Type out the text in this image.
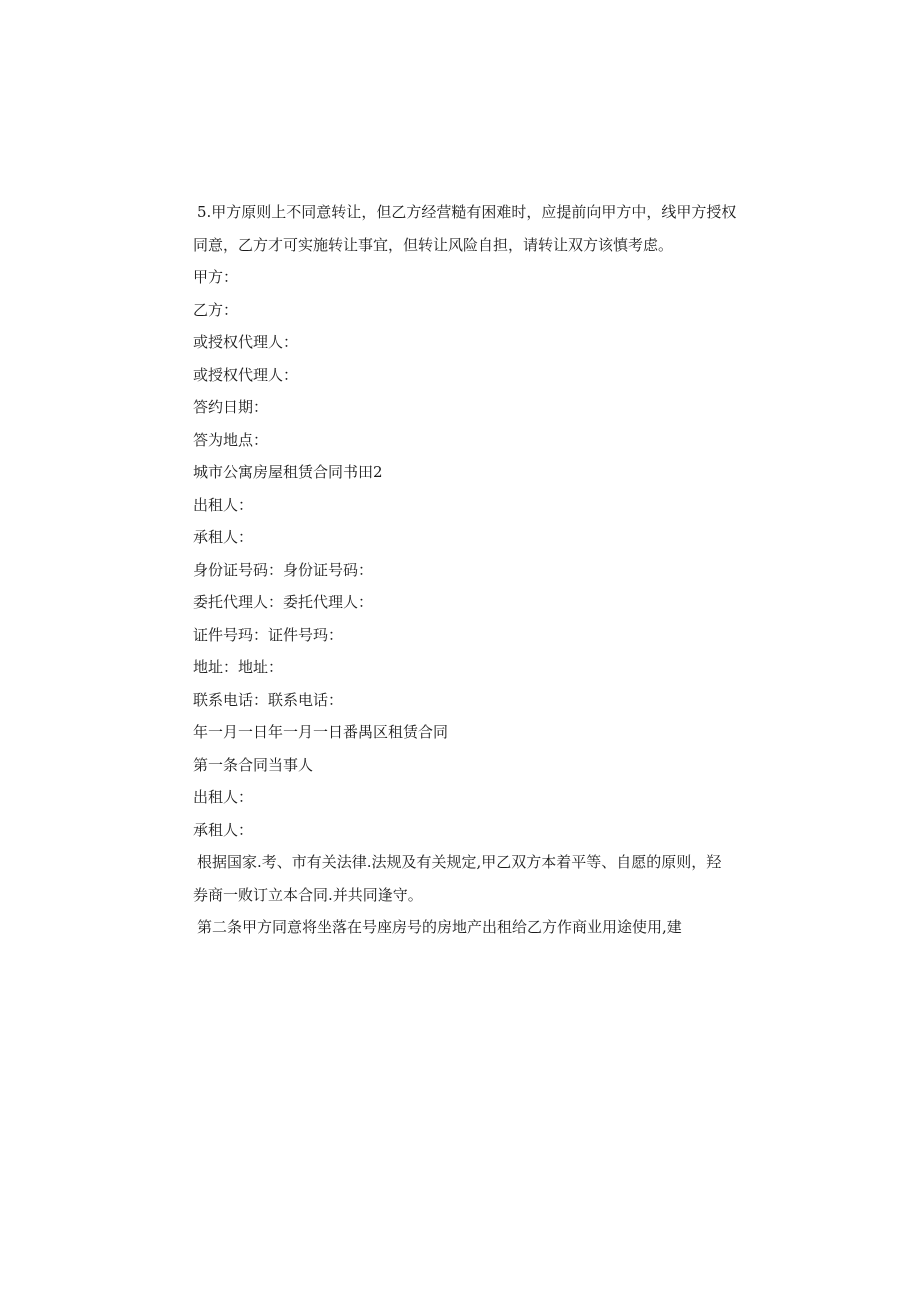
5.甲方原则上不同意转让，但乙方经营糙有困难时，应提前向甲方中，线甲方授权
同意，乙方才可实施转让事宜，但转让风险自担，请转让双方该慎考虑。
甲方：
乙方：
或授权代理人：
或授权代理人：
答约日期：
答为地点：
城市公寓房屋租赁合同书田2
出租人：
承租人：
身份证号码：身份证号码：
委托代理人：委托代理人：
证件号玛：证件号玛：
地址：地址：
联系电话：联系电话：
年一月一日年一月一日番禺区租赁合同
第一条合同当事人
出租人：
承租人：
根据国家.考、市有关法律.法规及有关规定,甲乙双方本着平等、自愿的原则，羟
券商一败订立本合同.并共同逢守。
第二条甲方同意将坐落在号座房号的房地产出租给乙方作商业用途使用,建
